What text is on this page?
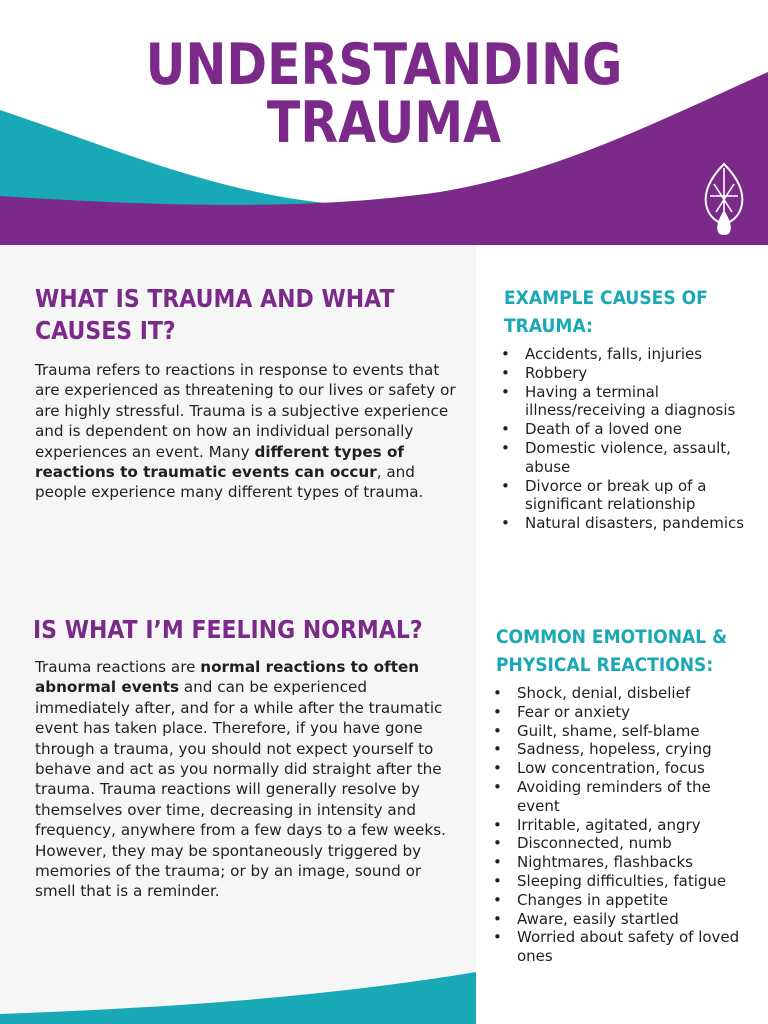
UNDERSTANDING
TRAUMA
WHAT IS TRAUMA AND WHAT
CAUSES IT?
Trauma refers to reactions in response to events that are experienced as threatening to our lives or safety or are highly stressful. Trauma is a subjective experience and is dependent on how an individual personally experiences an event. Many different types of reactions to traumatic events can occur, and people experience many different types of trauma.
IS WHAT I’M FEELING NORMAL?
Trauma reactions are normal reactions to often abnormal events and can be experienced immediately after, and for a while after the traumatic event has taken place. Therefore, if you have gone through a trauma, you should not expect yourself to behave and act as you normally did straight after the trauma. Trauma reactions will generally resolve by themselves over time, decreasing in intensity and frequency, anywhere from a few days to a few weeks. However, they may be spontaneously triggered by memories of the trauma; or by an image, sound or smell that is a reminder.
EXAMPLE CAUSES OF
TRAUMA:
• Accidents, falls, injuries
• Robbery
• Having a terminal illness/receiving a diagnosis
• Death of a loved one
• Domestic violence, assault, abuse
• Divorce or break up of a significant relationship
• Natural disasters, pandemics
COMMON EMOTIONAL &
PHYSICAL REACTIONS:
• Shock, denial, disbelief
• Fear or anxiety
• Guilt, shame, self-blame
• Sadness, hopeless, crying
• Low concentration, focus
• Avoiding reminders of the event
• Irritable, agitated, angry
• Disconnected, numb
• Nightmares, flashbacks
• Sleeping difficulties, fatigue
• Changes in appetite
• Aware, easily startled
• Worried about safety of loved ones
